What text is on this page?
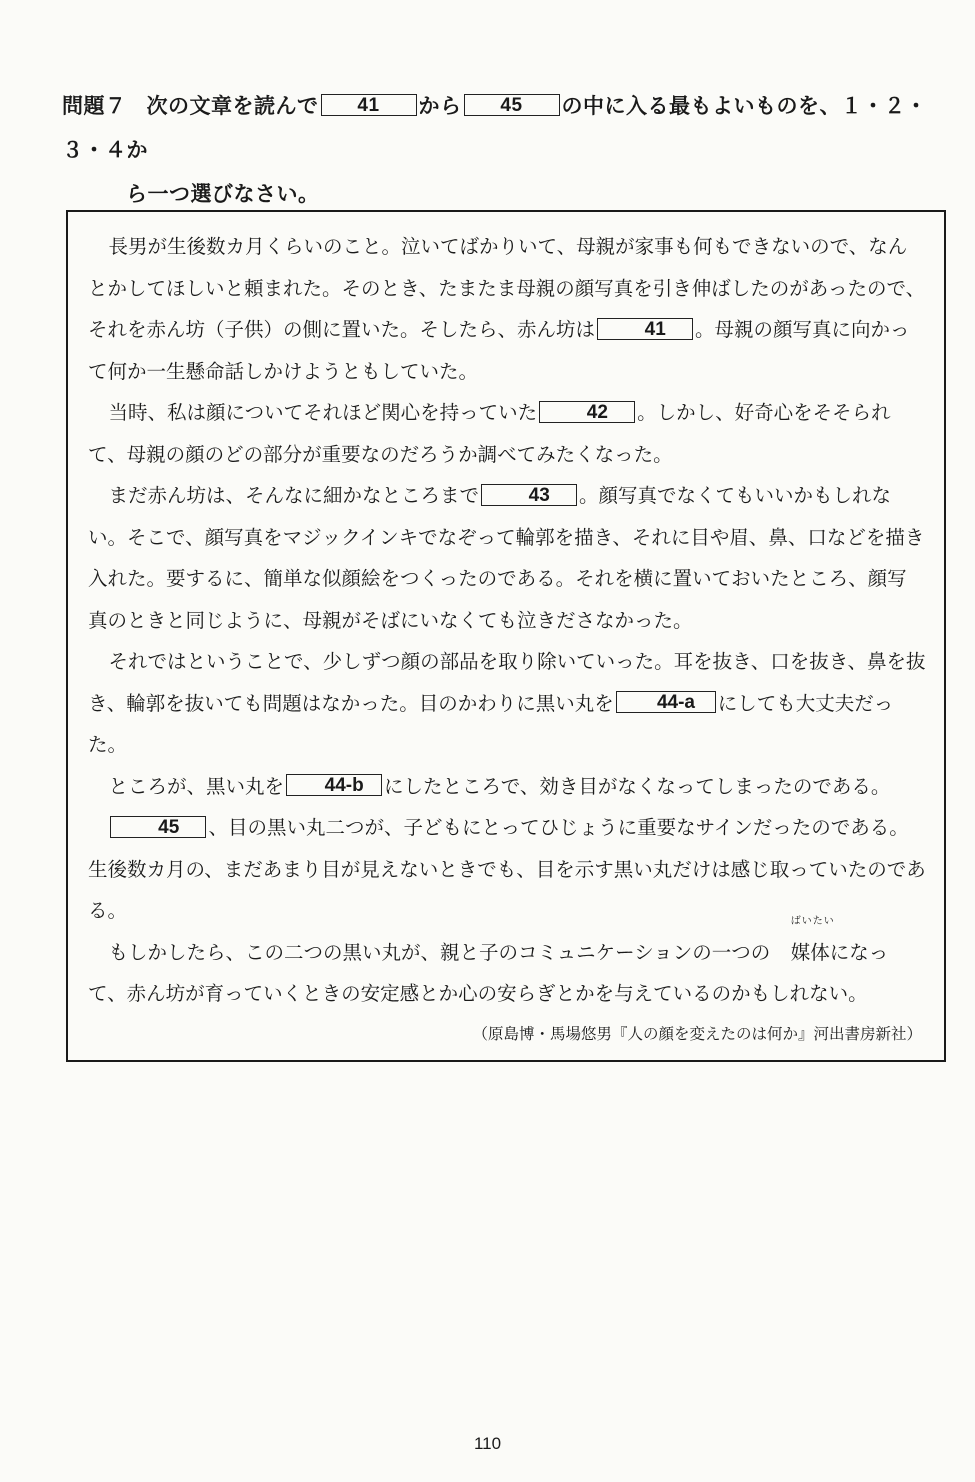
問題７ 次の文章を読んで 41 から 45 の中に入る最もよいものを、１・２・３・４か
ら一つ選びなさい。

長男が生後数カ月くらいのこと。泣いてばかりいて、母親が家事も何もできないので、なんとかしてほしいと頼まれた。そのとき、たまたま母親の顔写真を引き伸ばしたのがあったので、それを赤ん坊（子供）の側に置いた。そしたら、赤ん坊は	41 。母親の顔写真に向かって何か一生懸命話しかけようともしていた。

当時、私は顔についてそれほど関心を持っていた	42 。しかし、好奇心をそそられて、母親の顔のどの部分が重要なのだろうか調べてみたくなった。

まだ赤ん坊は、そんなに細かなところまで	43 。顔写真でなくてもいいかもしれない。そこで、顔写真をマジックインキでなぞって輪郭を描き、それに目や眉、鼻、口などを描き入れた。要するに、簡単な似顔絵をつくったのである。それを横に置いておいたところ、顔写真のときと同じように、母親がそばにいなくても泣きださなかった。

それではということで、少しずつ顔の部品を取り除いていった。耳を抜き、口を抜き、鼻を抜き、輪郭を抜いても問題はなかった。目のかわりに黒い丸を 44-a にしても大丈夫だった。

ところが、黒い丸を 44-b にしたところで、効き目がなくなってしまったのである。

45 、目の黒い丸二つが、子どもにとってひじょうに重要なサインだったのである。生後数カ月の、まだあまり目が見えないときでも、目を示す黒い丸だけは感じ取っていたのである。

もしかしたら、この二つの黒い丸が、親と子のコミュニケーションの一つの
ばいたい
媒体になって、赤ん坊が育っていくときの安定感とか心の安らぎとかを与えているのかもしれない。

（原島博・馬場悠男『人の顔を変えたのは何か』河出書房新社）
110
